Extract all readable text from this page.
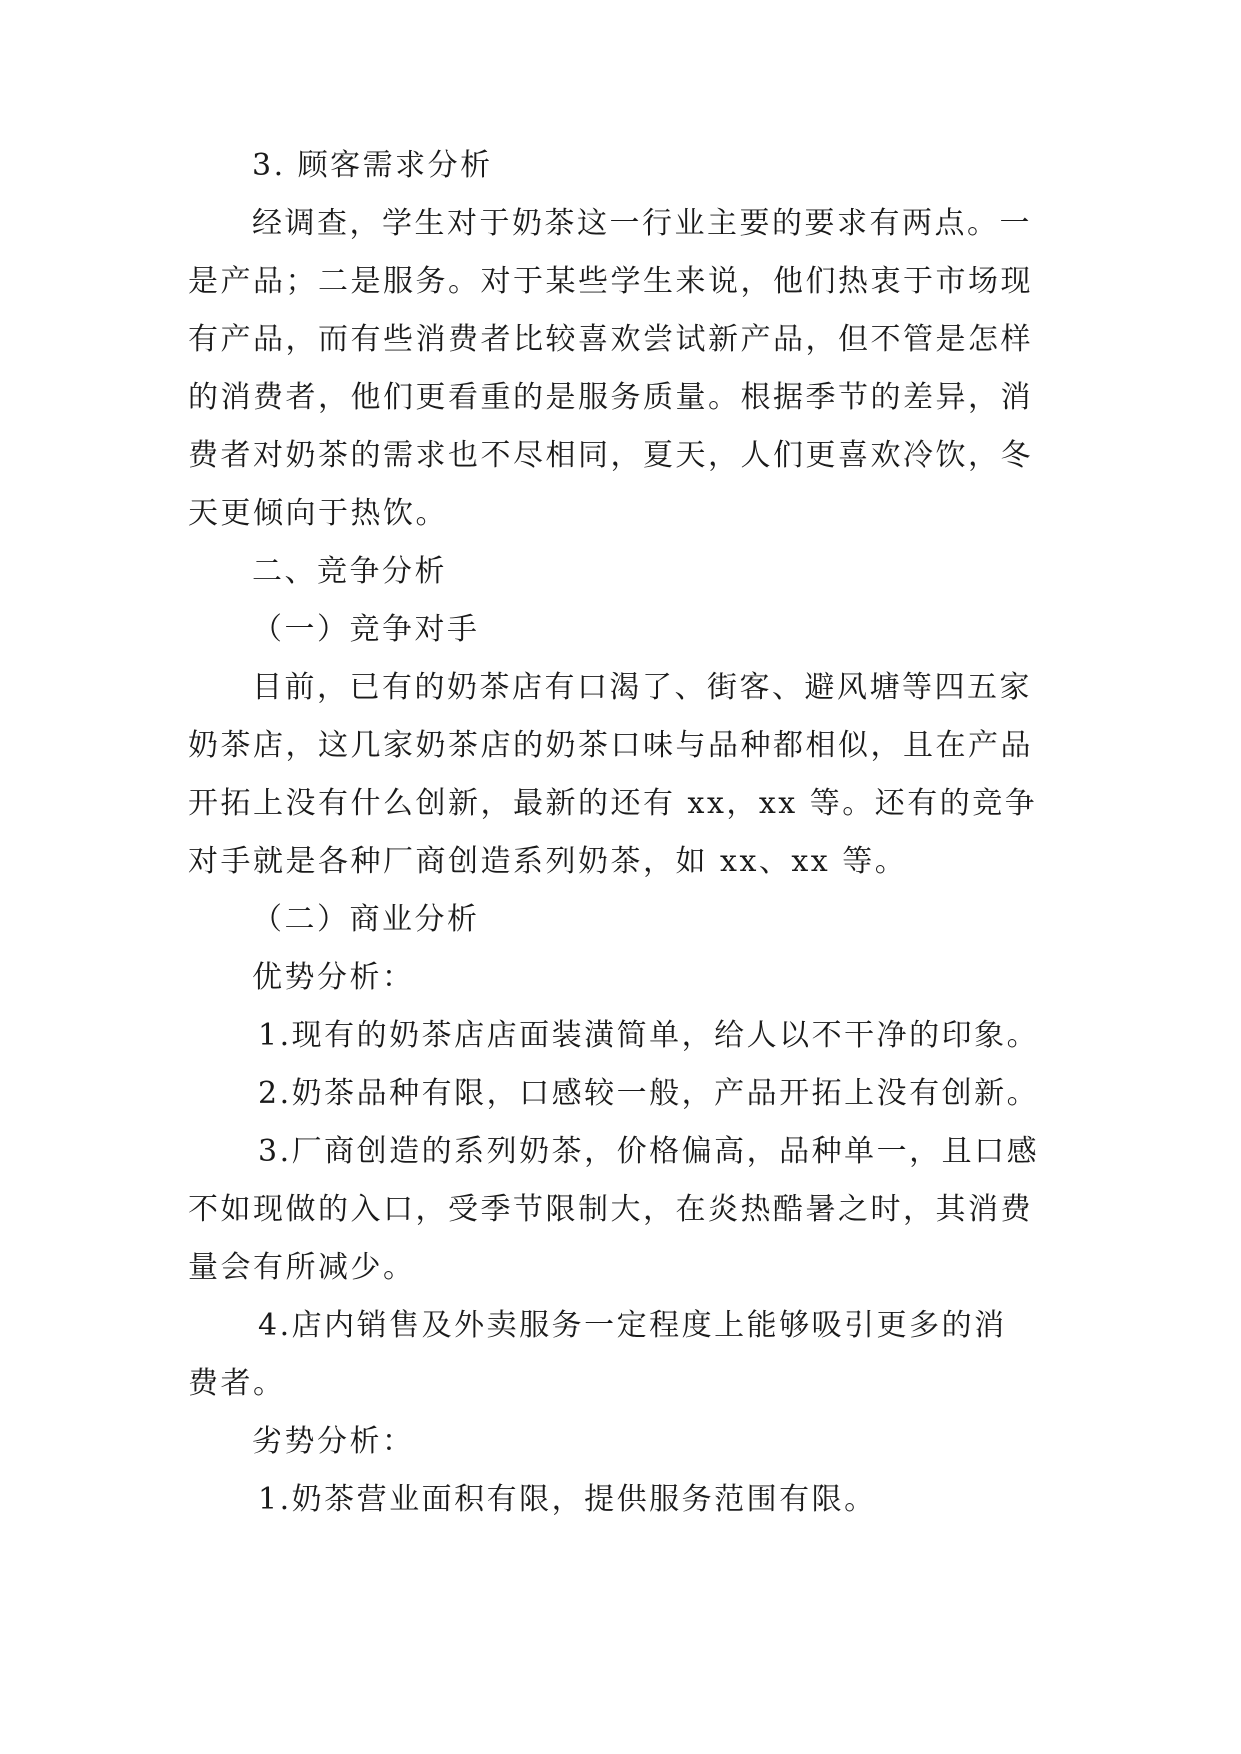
3. 顾客需求分析
经调查，学生对于奶茶这一行业主要的要求有两点。一
是产品；二是服务。对于某些学生来说，他们热衷于市场现
有产品，而有些消费者比较喜欢尝试新产品，但不管是怎样
的消费者，他们更看重的是服务质量。根据季节的差异，消
费者对奶茶的需求也不尽相同，夏天，人们更喜欢冷饮，冬
天更倾向于热饮。
二、竞争分析
（一）竞争对手
目前，已有的奶茶店有口渴了、街客、避风塘等四五家
奶茶店，这几家奶茶店的奶茶口味与品种都相似，且在产品
开拓上没有什么创新，最新的还有 xx，xx 等。还有的竞争
对手就是各种厂商创造系列奶茶，如 xx、xx 等。
（二）商业分析
优势分析：
1.现有的奶茶店店面装潢简单，给人以不干净的印象。
2.奶茶品种有限，口感较一般，产品开拓上没有创新。
3.厂商创造的系列奶茶，价格偏高，品种单一，且口感
不如现做的入口，受季节限制大，在炎热酷暑之时，其消费
量会有所减少。
4.店内销售及外卖服务一定程度上能够吸引更多的消
费者。
劣势分析：
1.奶茶营业面积有限，提供服务范围有限。
